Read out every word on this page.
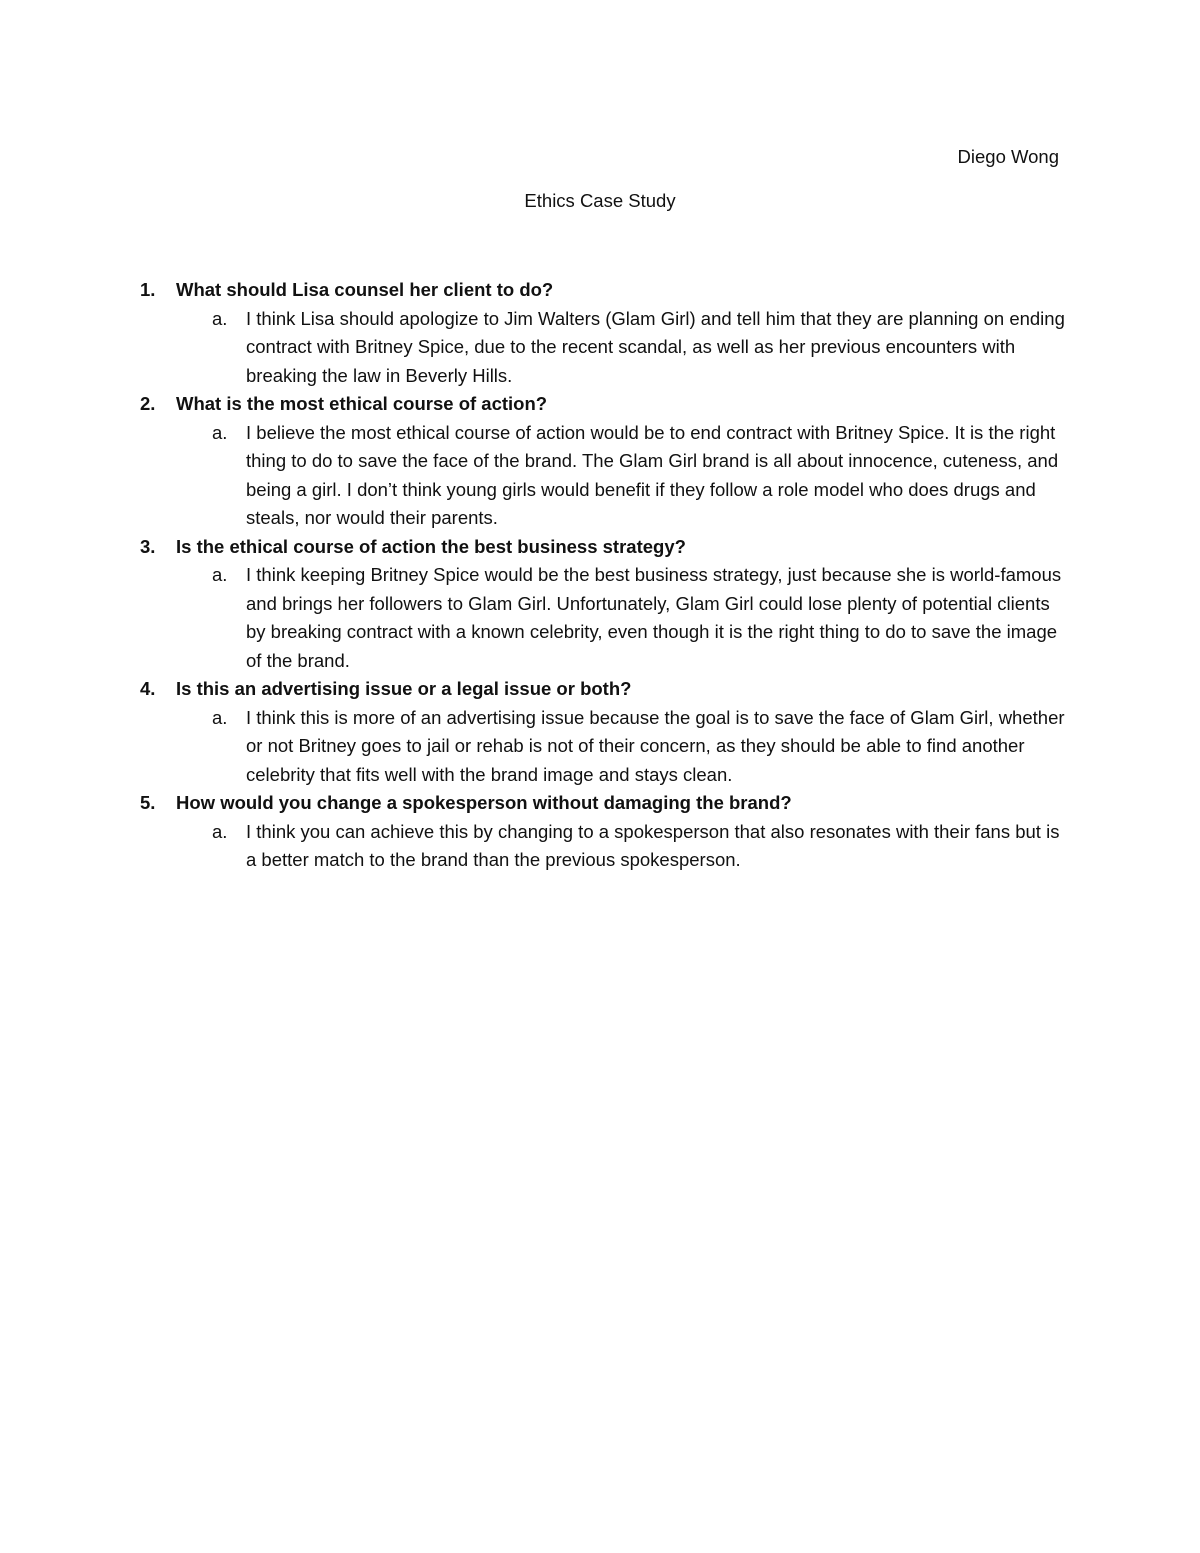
Diego Wong
Ethics Case Study
1. What should Lisa counsel her client to do?
a. I think Lisa should apologize to Jim Walters (Glam Girl) and tell him that they are planning on ending contract with Britney Spice, due to the recent scandal, as well as her previous encounters with breaking the law in Beverly Hills.
2. What is the most ethical course of action?
a. I believe the most ethical course of action would be to end contract with Britney Spice. It is the right thing to do to save the face of the brand. The Glam Girl brand is all about innocence, cuteness, and being a girl. I don’t think young girls would benefit if they follow a role model who does drugs and steals, nor would their parents.
3. Is the ethical course of action the best business strategy?
a. I think keeping Britney Spice would be the best business strategy, just because she is world-famous and brings her followers to Glam Girl. Unfortunately, Glam Girl could lose plenty of potential clients by breaking contract with a known celebrity, even though it is the right thing to do to save the image of the brand.
4. Is this an advertising issue or a legal issue or both?
a. I think this is more of an advertising issue because the goal is to save the face of Glam Girl, whether or not Britney goes to jail or rehab is not of their concern, as they should be able to find another celebrity that fits well with the brand image and stays clean.
5. How would you change a spokesperson without damaging the brand?
a. I think you can achieve this by changing to a spokesperson that also resonates with their fans but is a better match to the brand than the previous spokesperson.
